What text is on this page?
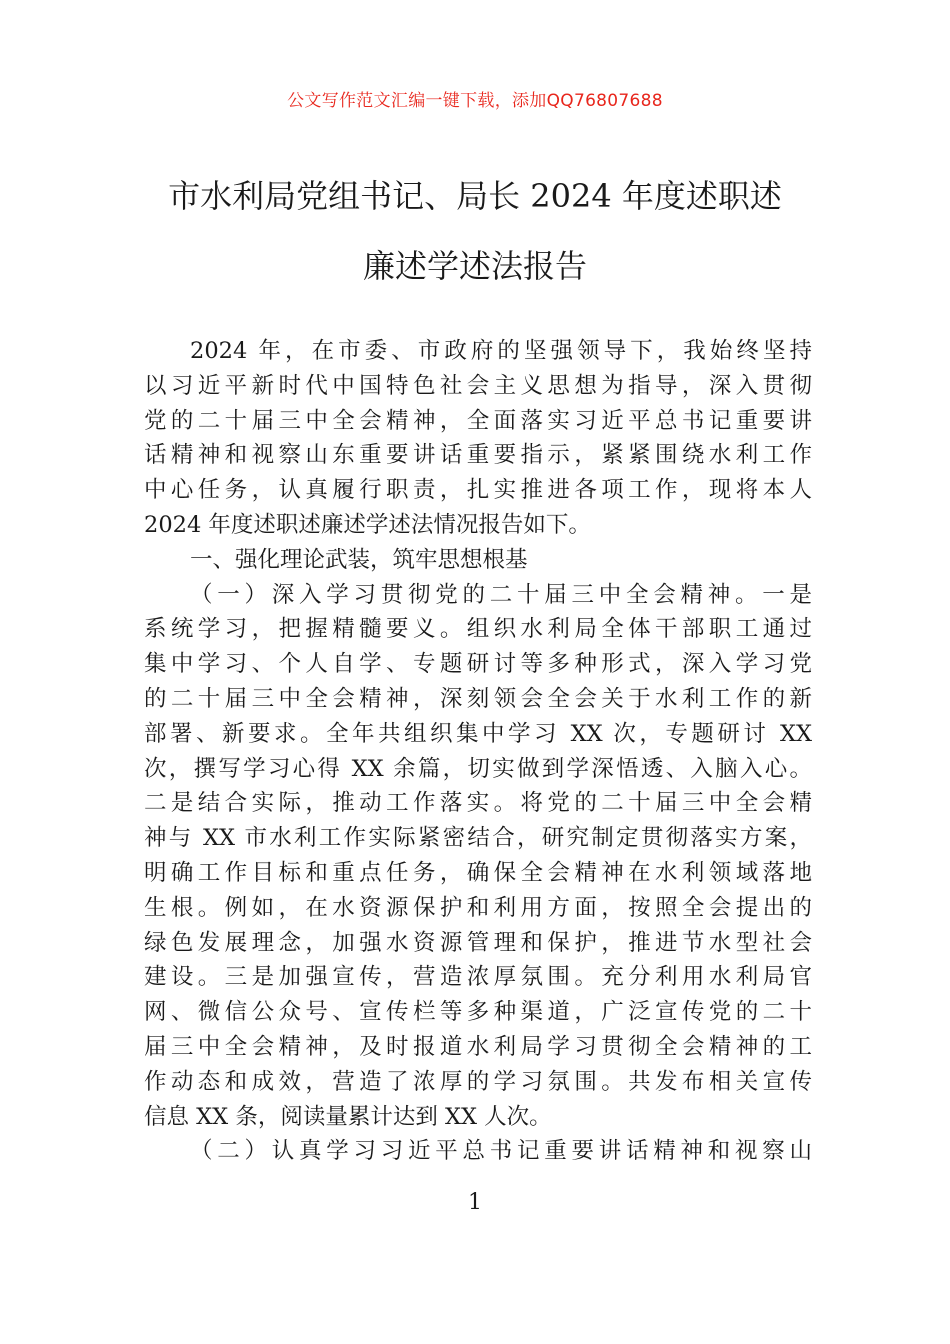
公文写作范文汇编一键下载，添加QQ76807688
市水利局党组书记、局长 2024 年度述职述
廉述学述法报告
2024 年，在市委、市政府的坚强领导下，我始终坚持
以习近平新时代中国特色社会主义思想为指导，深入贯彻
党的二十届三中全会精神，全面落实习近平总书记重要讲
话精神和视察山东重要讲话重要指示，紧紧围绕水利工作
中心任务，认真履行职责，扎实推进各项工作，现将本人
2024 年度述职述廉述学述法情况报告如下。
一、强化理论武装，筑牢思想根基
（一）深入学习贯彻党的二十届三中全会精神。一是
系统学习，把握精髓要义。组织水利局全体干部职工通过
集中学习、个人自学、专题研讨等多种形式，深入学习党
的二十届三中全会精神，深刻领会全会关于水利工作的新
部署、新要求。全年共组织集中学习 XX 次，专题研讨 XX
次，撰写学习心得 XX 余篇，切实做到学深悟透、入脑入心。
二是结合实际，推动工作落实。将党的二十届三中全会精
神与 XX 市水利工作实际紧密结合，研究制定贯彻落实方案，
明确工作目标和重点任务，确保全会精神在水利领域落地
生根。例如，在水资源保护和利用方面，按照全会提出的
绿色发展理念，加强水资源管理和保护，推进节水型社会
建设。三是加强宣传，营造浓厚氛围。充分利用水利局官
网、微信公众号、宣传栏等多种渠道，广泛宣传党的二十
届三中全会精神，及时报道水利局学习贯彻全会精神的工
作动态和成效，营造了浓厚的学习氛围。共发布相关宣传
信息 XX 条，阅读量累计达到 XX 人次。
（二）认真学习习近平总书记重要讲话精神和视察山
1
